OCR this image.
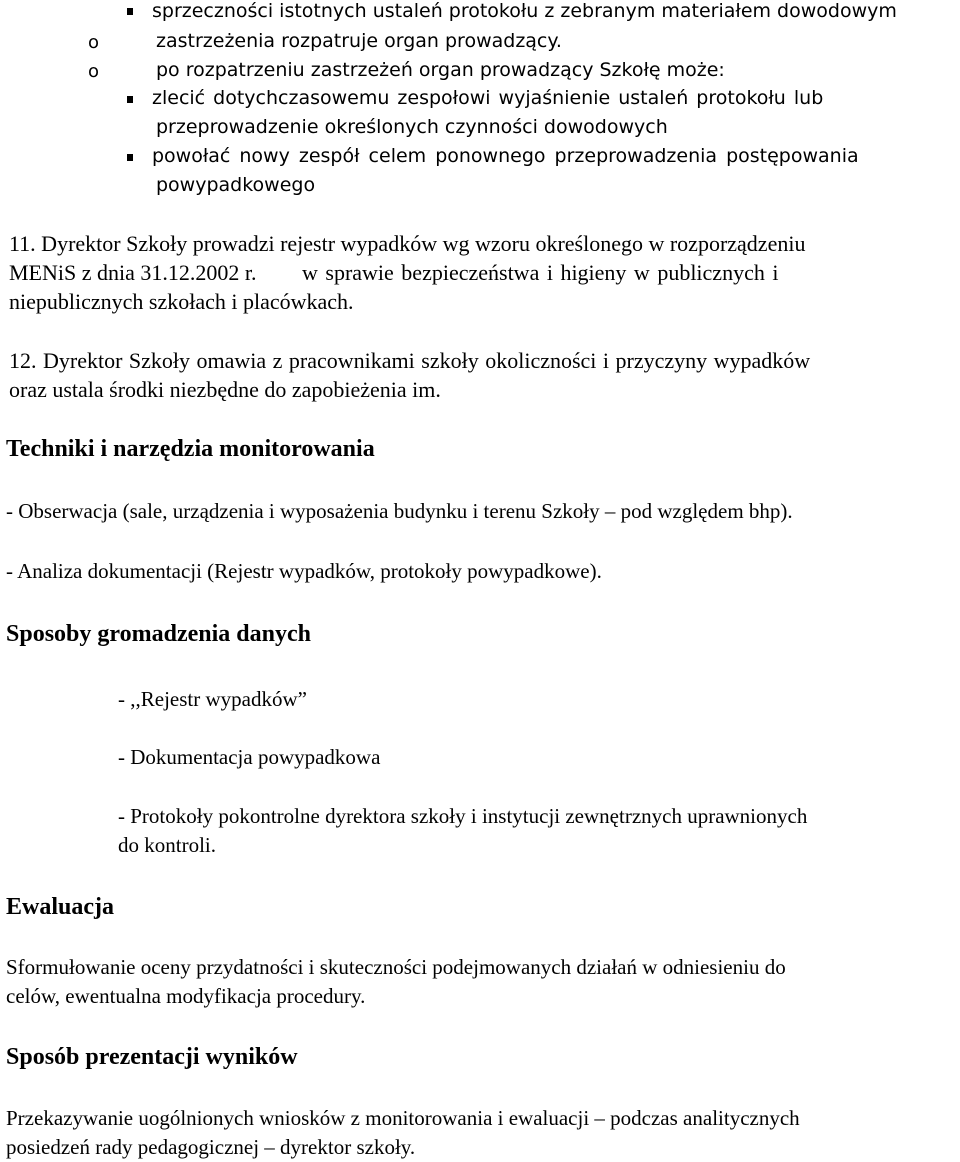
sprzeczności istotnych ustaleń protokołu z zebranym materiałem dowodowym

o	zastrzeżenia rozpatruje organ prowadzący.

o	po rozpatrzeniu zastrzeżeń organ prowadzący Szkołę może:

zlecić dotychczasowemu zespołowi wyjaśnienie ustaleń protokołu lub

przeprowadzenie określonych czynności dowodowych

powołać nowy zespół celem ponownego przeprowadzenia postępowania

powypadkowego

11. Dyrektor Szkoły prowadzi rejestr wypadków wg wzoru określonego w rozporządzeniu

MENiS z dnia 31.12.2002 r. w sprawie bezpieczeństwa i higieny w publicznych i

niepublicznych szkołach i placówkach.

12. Dyrektor Szkoły omawia z pracownikami szkoły okoliczności i przyczyny wypadków

oraz ustala środki niezbędne do zapobieżenia im.

Techniki i narzędzia monitorowania

- Obserwacja (sale, urządzenia i wyposażenia budynku i terenu Szkoły – pod względem bhp).

- Analiza dokumentacji (Rejestr wypadków, protokoły powypadkowe).

Sposoby gromadzenia danych

- ,,Rejestr wypadków”

- Dokumentacja powypadkowa

- Protokoły pokontrolne dyrektora szkoły i instytucji zewnętrznych uprawnionych

do kontroli.

Ewaluacja

Sformułowanie oceny przydatności i skuteczności podejmowanych działań w odniesieniu do

celów, ewentualna modyfikacja procedury.

Sposób prezentacji wyników

Przekazywanie uogólnionych wniosków z monitorowania i ewaluacji – podczas analitycznych

posiedzeń rady pedagogicznej – dyrektor szkoły.
